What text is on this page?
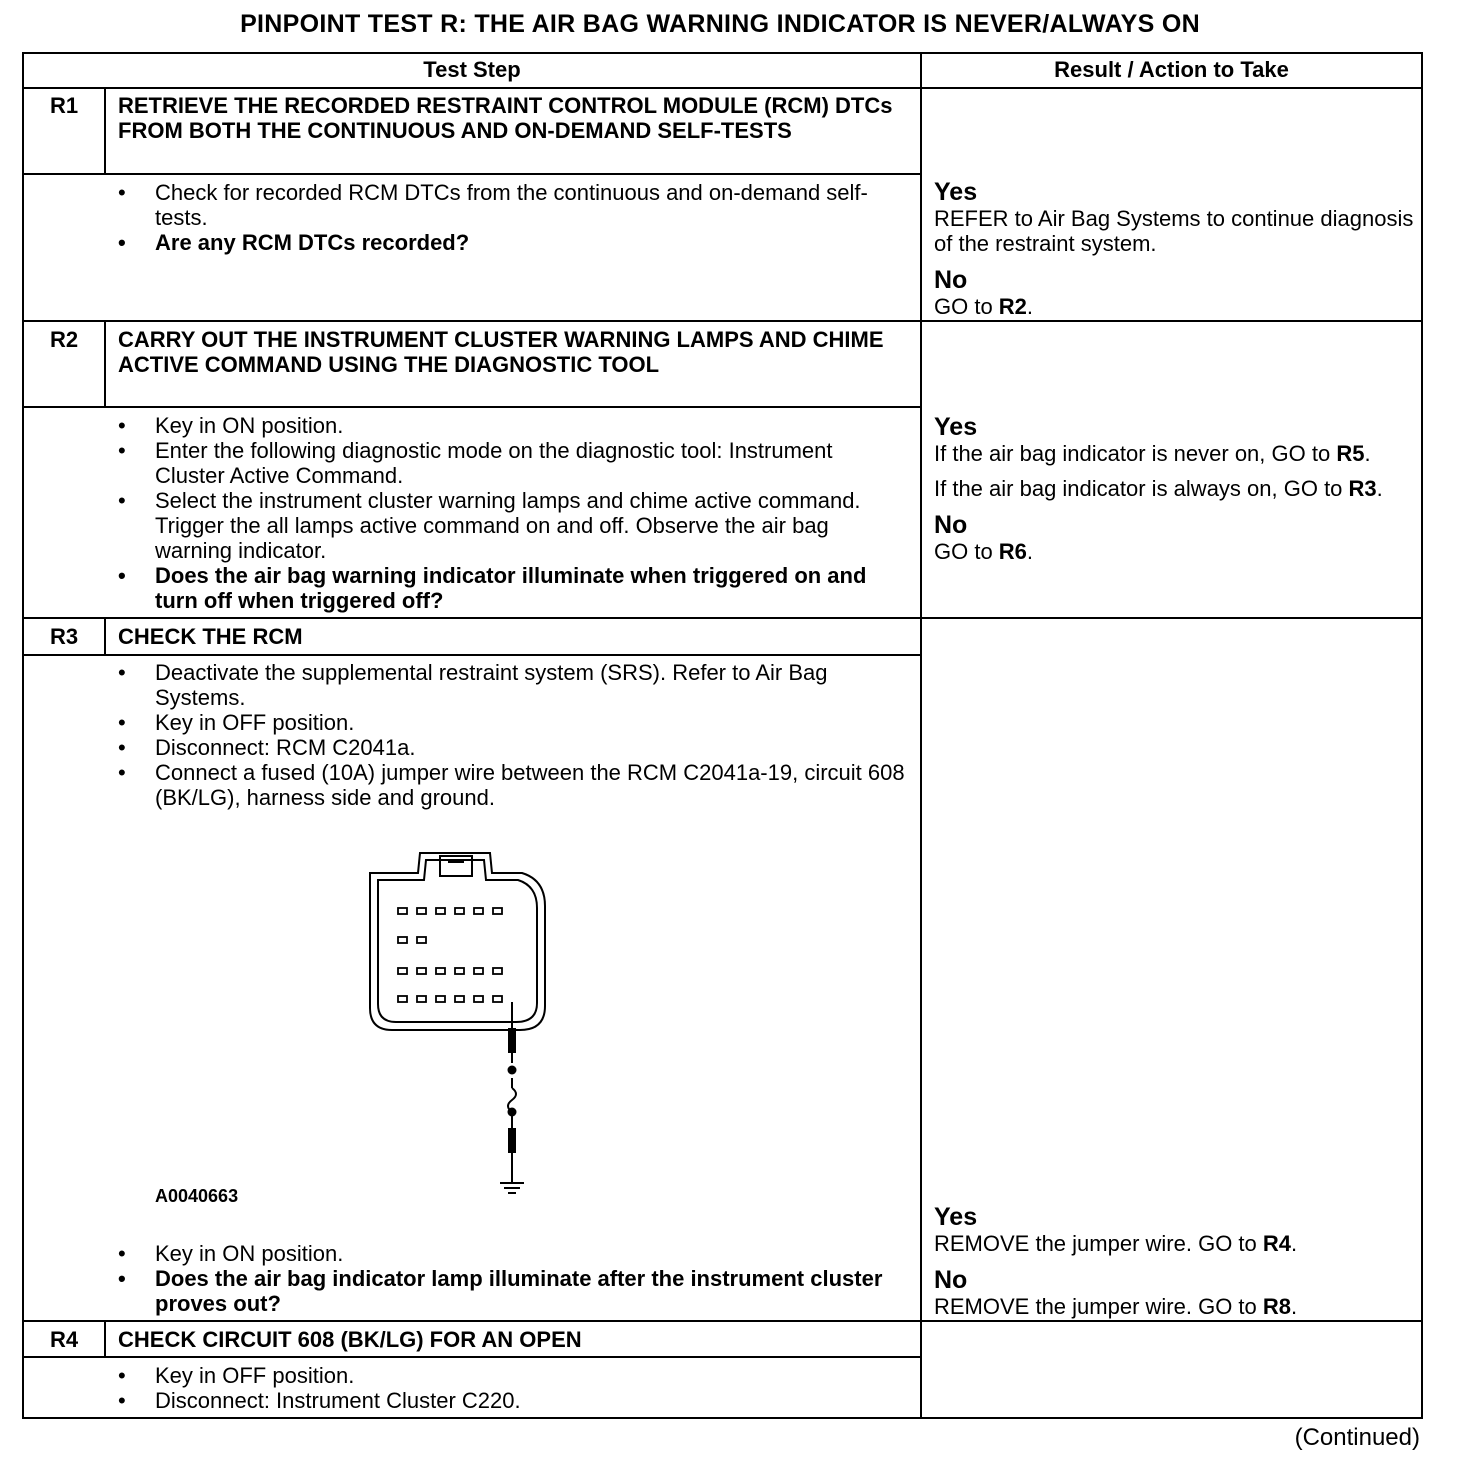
PINPOINT TEST R: THE AIR BAG WARNING INDICATOR IS NEVER/ALWAYS ON
Test Step	Result / Action to Take
R1	RETRIEVE THE RECORDED RESTRAINT CONTROL MODULE (RCM) DTCs FROM BOTH THE CONTINUOUS AND ON-DEMAND SELF-TESTS
• Check for recorded RCM DTCs from the continuous and on-demand self-tests.
• Are any RCM DTCs recorded?
Yes
REFER to Air Bag Systems to continue diagnosis of the restraint system.
No
GO to R2.
R2	CARRY OUT THE INSTRUMENT CLUSTER WARNING LAMPS AND CHIME ACTIVE COMMAND USING THE DIAGNOSTIC TOOL
• Key in ON position.
• Enter the following diagnostic mode on the diagnostic tool: Instrument Cluster Active Command.
• Select the instrument cluster warning lamps and chime active command. Trigger the all lamps active command on and off. Observe the air bag warning indicator.
• Does the air bag warning indicator illuminate when triggered on and turn off when triggered off?
Yes
If the air bag indicator is never on, GO to R5.
If the air bag indicator is always on, GO to R3.
No
GO to R6.
R3	CHECK THE RCM
• Deactivate the supplemental restraint system (SRS). Refer to Air Bag Systems.
• Key in OFF position.
• Disconnect: RCM C2041a.
• Connect a fused (10A) jumper wire between the RCM C2041a-19, circuit 608 (BK/LG), harness side and ground.
A0040663
• Key in ON position.
• Does the air bag indicator lamp illuminate after the instrument cluster proves out?
Yes
REMOVE the jumper wire. GO to R4.
No
REMOVE the jumper wire. GO to R8.
R4	CHECK CIRCUIT 608 (BK/LG) FOR AN OPEN
• Key in OFF position.
• Disconnect: Instrument Cluster C220.
(Continued)
